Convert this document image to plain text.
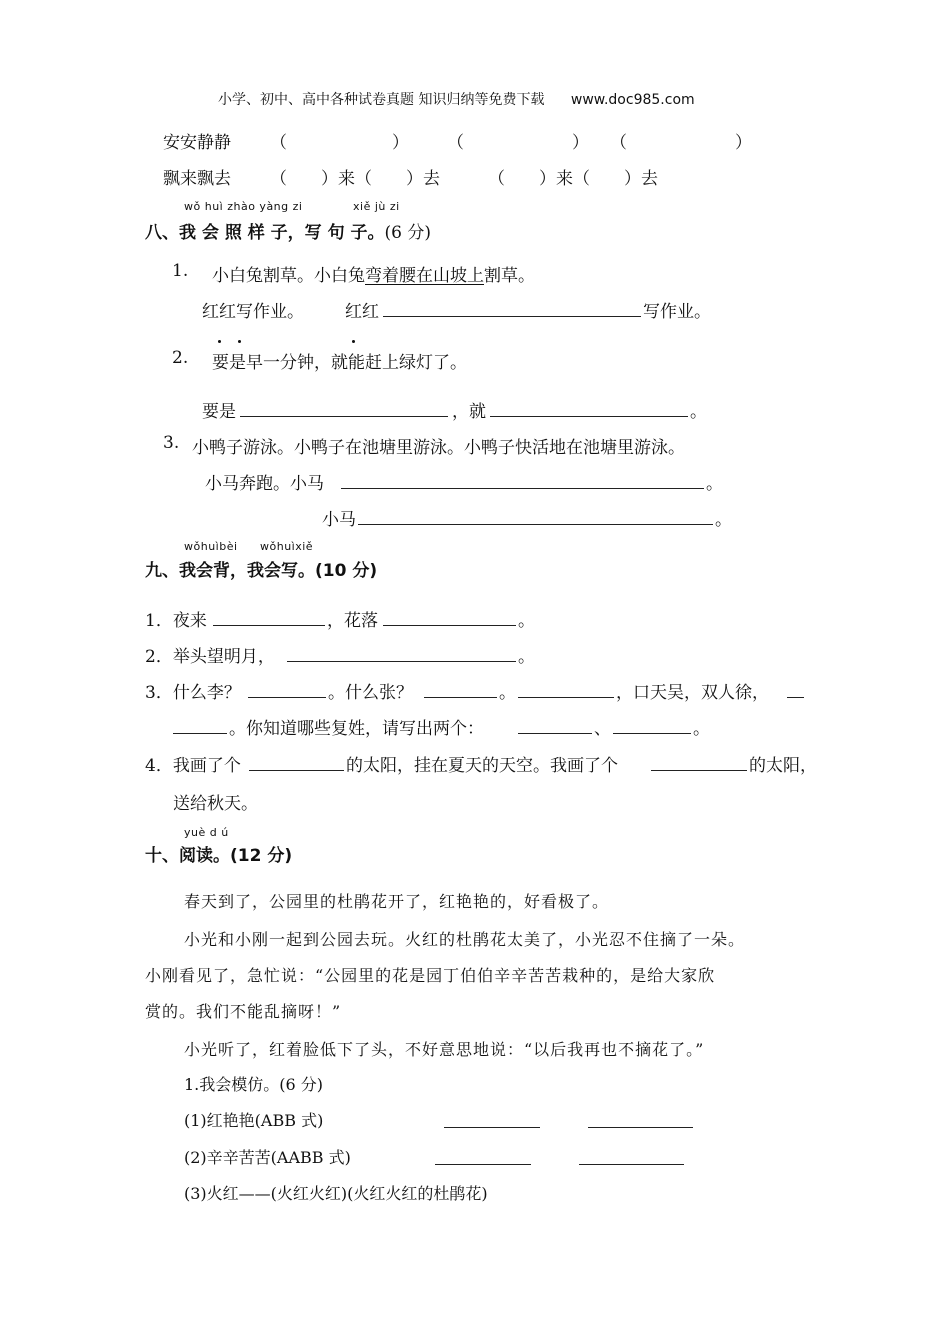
小学、初中、高中各种试卷真题 知识归纳等免费下载 www.doc985.com
安安静静 （	） （	） （	）
飘来飘去 （　　）来（　　）去	（　　）来（　　）去
wǒ huì zhào yàng zi	xiě jù zi
八、我 会 照 样 子，写 句 子。(6 分)
1. 小白兔割草。小白兔弯着腰在山坡上割草。
红红写作业。 红红	写作业。
2. 要是早一分钟，就能赶上绿灯了。
要是	，就	。
3. 小鸭子游泳。小鸭子在池塘里游泳。小鸭子快活地在池塘里游泳。
小马奔跑。小马	。
小马	。
wǒhuìbèi wǒhuìxiě
九、我会背，我会写。(10 分)
1．夜来	，花落	。
2．举头望明月，	。
3．什么李？	。什么张？	。	，口天吴，双人徐，
。你知道哪些复姓，请写出两个：	、	。
4．我画了个	的太阳，挂在夏天的天空。我画了个	的太阳，
送给秋天。
yuè d ú
十、阅读。(12 分)
春天到了，公园里的杜鹃花开了，红艳艳的，好看极了。
小光和小刚一起到公园去玩。火红的杜鹃花太美了，小光忍不住摘了一朵。
小刚看见了，急忙说：“公园里的花是园丁伯伯辛辛苦苦栽种的，是给大家欣
赏的。我们不能乱摘呀！”
小光听了，红着脸低下了头，不好意思地说：“以后我再也不摘花了。”
1.我会模仿。(6 分)
(1)红艳艳(ABB 式)
(2)辛辛苦苦(AABB 式)
(3)火红——(火红火红)(火红火红的杜鹃花)
